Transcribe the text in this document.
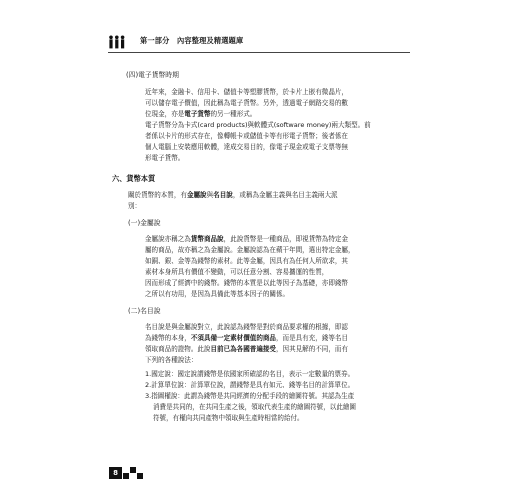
第一部分　內容整理及精選題庫
(四)電子貨幣時期
近年來，金融卡、信用卡、儲值卡等塑膠貨幣，於卡片上嵌有微晶片，
可以儲存電子價值，因此稱為電子貨幣。另外，透過電子網路交易的數
位現金，亦是電子貨幣的另一種形式。
電子貨幣分為卡式(card products)與軟體式(software money)兩大類型。前
者係以卡片的形式存在，像轉帳卡或儲值卡等有形電子貨幣；後者係在
個人電腦上安裝應用軟體，達成交易目的，像電子現金或電子支票等無
形電子貨幣。
六、貨幣本質
關於貨幣的本質，有金屬說與名目說，或稱為金屬主義與名目主義兩大派
別：
(一)金屬說
金屬說亦稱之為貨幣商品說，此說貨幣是一種商品，即視貨幣為特定金
屬的商品，故亦稱之為金屬說。金屬說認為在蘋干年間，選出特定金屬，
如銅、銀、金等為錢幣的素材。此等金屬，因具有為任何人所欲求，其
素材本身所具有價值不變動，可以任意分割、容易攜運的性質，
因而形成了經濟中的錢幣。錢幣的本質是以此等因子為基礎，亦即錢幣
之所以有功用，是因為具備此等基本因子的關係。
(二)名目說
名目說是與金屬說對立，此說認為錢幣是對於商品要求權的根據，即認
為錢幣的本身，不須具備一定素材價值的商品，而是具有充，錢等名目
領取商品的證物。此說目前已為各國普遍接受，因其見解的不同，而有
下列的各種說法：
1.國定說：國定說謂錢幣是依國家所確認的名目，表示一定數量的票券。
2.計算單位說：計算單位說，謂錢幣是具有如元、錢等名目的計算單位。
3.指圖權說：此謂為錢幣是共同經濟的分配手段的繪圖符號。其認為生產
消費是共同的，在共同生產之後，領取代表生產的繪圖符號，以此繪圖
符號，有權向共同產物中領取與生產時相當的給付。
8
